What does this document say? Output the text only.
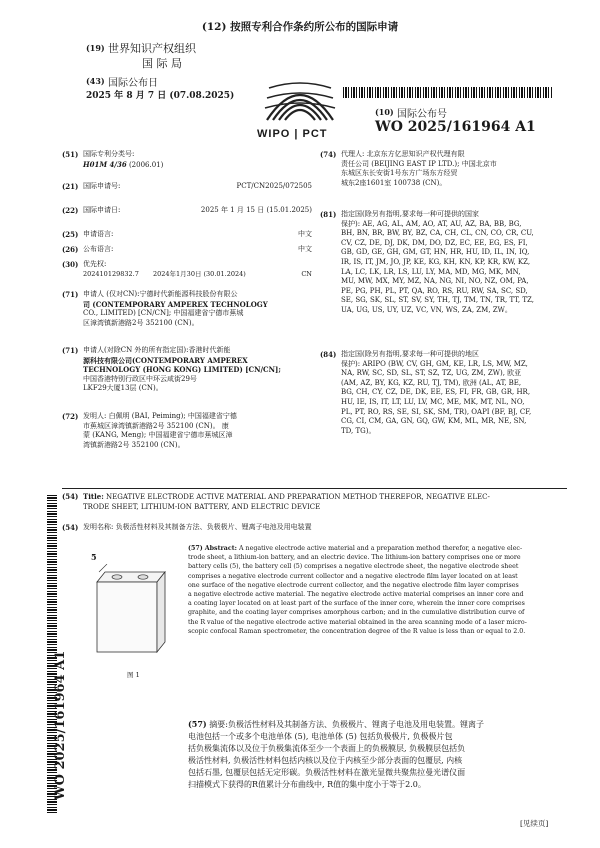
(12) 按照专利合作条约所公布的国际申请
(19) 世界知识产权组织
国 际 局
(43) 国际公布日
2025 年 8 月 7 日 (07.08.2025)
WIPO | PCT
(10) 国际公布号
WO 2025/161964 A1
(51) 国际专利分类号:
H01M 4/36 (2006.01)
(21) 国际申请号:	PCT/CN2025/072505
(22) 国际申请日:	2025 年 1 月 15 日 (15.01.2025)
(25) 申请语言:	中文
(26) 公布语言:	中文
(30) 优先权:
202410129832.7 2024年1月30日 (30.01.2024)	CN
(71) 申请人 (仅对CN):宁德时代新能源科技股份有限公
司 (CONTEMPORARY AMPEREX TECHNOLOGY
CO., LIMITED) [CN/CN]; 中国福建省宁德市蕉城
区漳湾镇新港路2号 352100 (CN)。
(71) 申请人(对除CN 外的所有指定国):香港时代新能
源科技有限公司(CONTEMPORARY AMPEREX
TECHNOLOGY (HONG KONG) LIMITED) [CN/CN];
中国香港特别行政区中环云咸街29号
LKF29大厦13层 (CN)。
(72) 发明人: 白佩明 (BAI, Peiming); 中国福建省宁德
市蕉城区漳湾镇新港路2号 352100 (CN)。 康
蒙 (KANG, Meng); 中国福建省宁德市蕉城区漳
湾镇新港路2号 352100 (CN)。
(74) 代理人: 北京东方亿思知识产权代理有限
责任公司 (BEIJING EAST IP LTD.); 中国北京市
东城区东长安街1号东方广场东方经贸
城东2座1601室 100738 (CN)。
(81) 指定国(除另有指明,要求每一种可提供的国家
保护): AE, AG, AL, AM, AO, AT, AU, AZ, BA, BB, BG,
BH, BN, BR, BW, BY, BZ, CA, CH, CL, CN, CO, CR, CU,
CV, CZ, DE, DJ, DK, DM, DO, DZ, EC, EE, EG, ES, FI,
GB, GD, GE, GH, GM, GT, HN, HR, HU, ID, IL, IN, IQ,
IR, IS, IT, JM, JO, JP, KE, KG, KH, KN, KP, KR, KW, KZ,
LA, LC, LK, LR, LS, LU, LY, MA, MD, MG, MK, MN,
MU, MW, MX, MY, MZ, NA, NG, NI, NO, NZ, OM, PA,
PE, PG, PH, PL, PT, QA, RO, RS, RU, RW, SA, SC, SD,
SE, SG, SK, SL, ST, SV, SY, TH, TJ, TM, TN, TR, TT, TZ,
UA, UG, US, UY, UZ, VC, VN, WS, ZA, ZM, ZW。
(84) 指定国(除另有指明,要求每一种可提供的地区
保护): ARIPO (BW, CV, GH, GM, KE, LR, LS, MW, MZ,
NA, RW, SC, SD, SL, ST, SZ, TZ, UG, ZM, ZW), 欧亚
(AM, AZ, BY, KG, KZ, RU, TJ, TM), 欧洲 (AL, AT, BE,
BG, CH, CY, CZ, DE, DK, EE, ES, FI, FR, GB, GR, HR,
HU, IE, IS, IT, LT, LU, LV, MC, ME, MK, MT, NL, NO,
PL, PT, RO, RS, SE, SI, SK, SM, TR), OAPI (BF, BJ, CF,
CG, CI, CM, GA, GN, GQ, GW, KM, ML, MR, NE, SN,
TD, TG)。
WO 2025/161964 A1
(54) Title: NEGATIVE ELECTRODE ACTIVE MATERIAL AND PREPARATION METHOD THEREFOR, NEGATIVE ELEC-
TRODE SHEET, LITHIUM-ION BATTERY, AND ELECTRIC DEVICE
(54) 发明名称: 负极活性材料及其制备方法、负极极片、锂离子电池及用电装置
5
图 1
(57) Abstract: A negative electrode active material and a preparation method therefor, a negative elec-
trode sheet, a lithium-ion battery, and an electric device. The lithium-ion battery comprises one or more
battery cells (5), the battery cell (5) comprises a negative electrode sheet, the negative electrode sheet
comprises a negative electrode current collector and a negative electrode film layer located on at least
one surface of the negative electrode current collector, and the negative electrode film layer comprises
a negative electrode active material. The negative electrode active material comprises an inner core and
a coating layer located on at least part of the surface of the inner core, wherein the inner core comprises
graphite, and the coating layer comprises amorphous carbon; and in the cumulative distribution curve of
the R value of the negative electrode active material obtained in the area scanning mode of a laser micro-
scopic confocal Raman spectrometer, the concentration degree of the R value is less than or equal to 2.0.
(57) 摘要:负极活性材料及其制备方法、负极极片、锂离子电池及用电装置。锂离子
电池包括一个或多个电池单体 (5), 电池单体 (5) 包括负极极片, 负极极片包
括负极集流体以及位于负极集流体至少一个表面上的负极膜层, 负极膜层包括负
极活性材料, 负极活性材料包括内核以及位于内核至少部分表面的包覆层, 内核
包括石墨, 包覆层包括无定形碳。负极活性材料在激光显微共聚焦拉曼光谱仪面
扫描模式下获得的R值累计分布曲线中, R值的集中度小于等于2.0。
[见续页]
